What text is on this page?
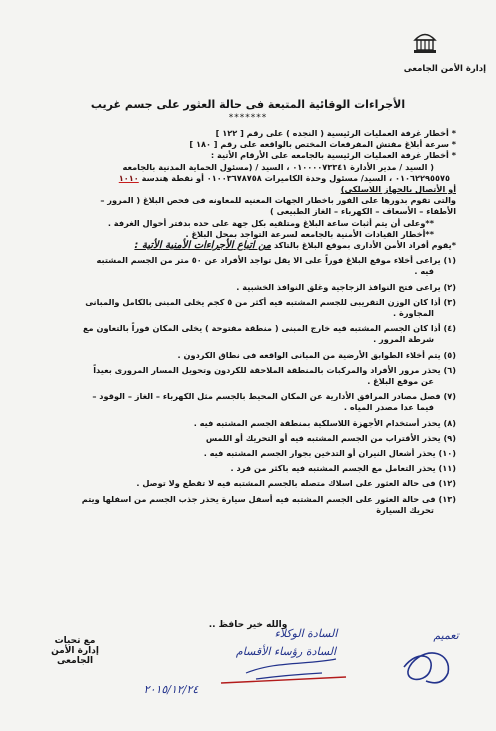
إدارة الأمن الجامعى
الأجراءات الوقائية المتبعة فى حالة العثور على جسم غريب
*******

* أخطار غرفة العمليات الرئيسية ( النجده ) على رقم [ ١٢٢ ]

* سرعة أبلاغ مفتش المفرقعات المختص بالواقعه على رقم [ ١٨٠ ]

* أخطار غرفة العمليات الرئيسية بالجامعه على الأرقام الأتية :

( السيد / مدير الأدارة ٠١٠٠٠٠٧٣٣٤١ ، السيد / (مسئول الحماية المدنية بالجامعه

٠١٠٦٢٢٩٥٥٧٥ ، السيد/ مسئول وحدة الكاميرات ٠١٠٠٣٦٧٨٧٥٨ أو نقطة هندسة ١٠١٠

أو الأتصال بالجهاز اللاسلكى)

والتى تقوم بدورها على الفور باخطار الجهات المعنيه للمعاونه فى فحص البلاغ ( المرور –

الأطفاء – الأسعاف – الكهرباء – الغاز الطبيعى )

**وعلى أن يتم أثبات ساعة البلاغ ومتلقيه بكل جهة على حده بدفتر أحوال الغرفة .

**أخطار القيادات الأمنية بالجامعه لسرعة التواجد بمحل البلاغ .

*يقوم أفراد الأمن الأدارى بموقع البلاغ بالتاكد من اتباع الأجراءات الأمنية الأتية :

(١) يراعى أخلاء موقع البلاغ فوراً على الا يقل تواجد الأفراد عن ٥٠ متر من الجسم المشتبه

فيه .

(٢) يراعى فتح النوافذ الزجاجية وغلق النوافذ الخشبية .

(٣) أذا كان الوزن التقريبى للجسم المشتبه فيه أكثر من ٥ كجم يخلى المبنى بالكامل والمبانى

المجاورة .

(٤) أذا كان الجسم المشتبه فيه خارج المبنى ( منطقة مفتوحة ) يخلى المكان فوراً بالتعاون مع

شرطة المرور .

(٥) يتم أخلاء الطوابق الأرضية من المبانى الواقعه فى نطاق الكردون .

(٦) يحذر مرور الأفراد والمركبات بالمنطقة الملاحقة للكردون وتحويل المسار المرورى بعيداً

عن موقع البلاغ .

(٧) فصل مصادر المرافق الأدارية عن المكان المحيط بالجسم مثل الكهرباء – الغاز – الوقود –

فيما عدا مصدر المياه .

(٨) يحذر أستخدام الأجهزة اللاسلكية بمنطقة الجسم المشتبه فيه .

(٩) يحذر الأقتراب من الجسم المشتبه فيه أو التحريك أو اللمس

(١٠) يحذر أشعال النيران أو التدخين بجوار الجسم المشتبه فيه .

(١١) يحذر التعامل مع الجسم المشتبه فيه باكثر من فرد .

(١٢) فى حالة العثور على اسلاك متصله بالجسم المشتبه فيه لا تقطع ولا توصل .

(١٣) فى حالة العثور على الجسم المشتبه فيه أسفل سيارة يحذر جذب الجسم من اسفلها ويتم

تحريك السيارة

والله خير حافظ ..
مع تحيات
إدارة الأمن الجامعى
السادة الوكلاء
السادة رؤساء الأقسام
تعميم
٢٠١٥/١٢/٢٤
